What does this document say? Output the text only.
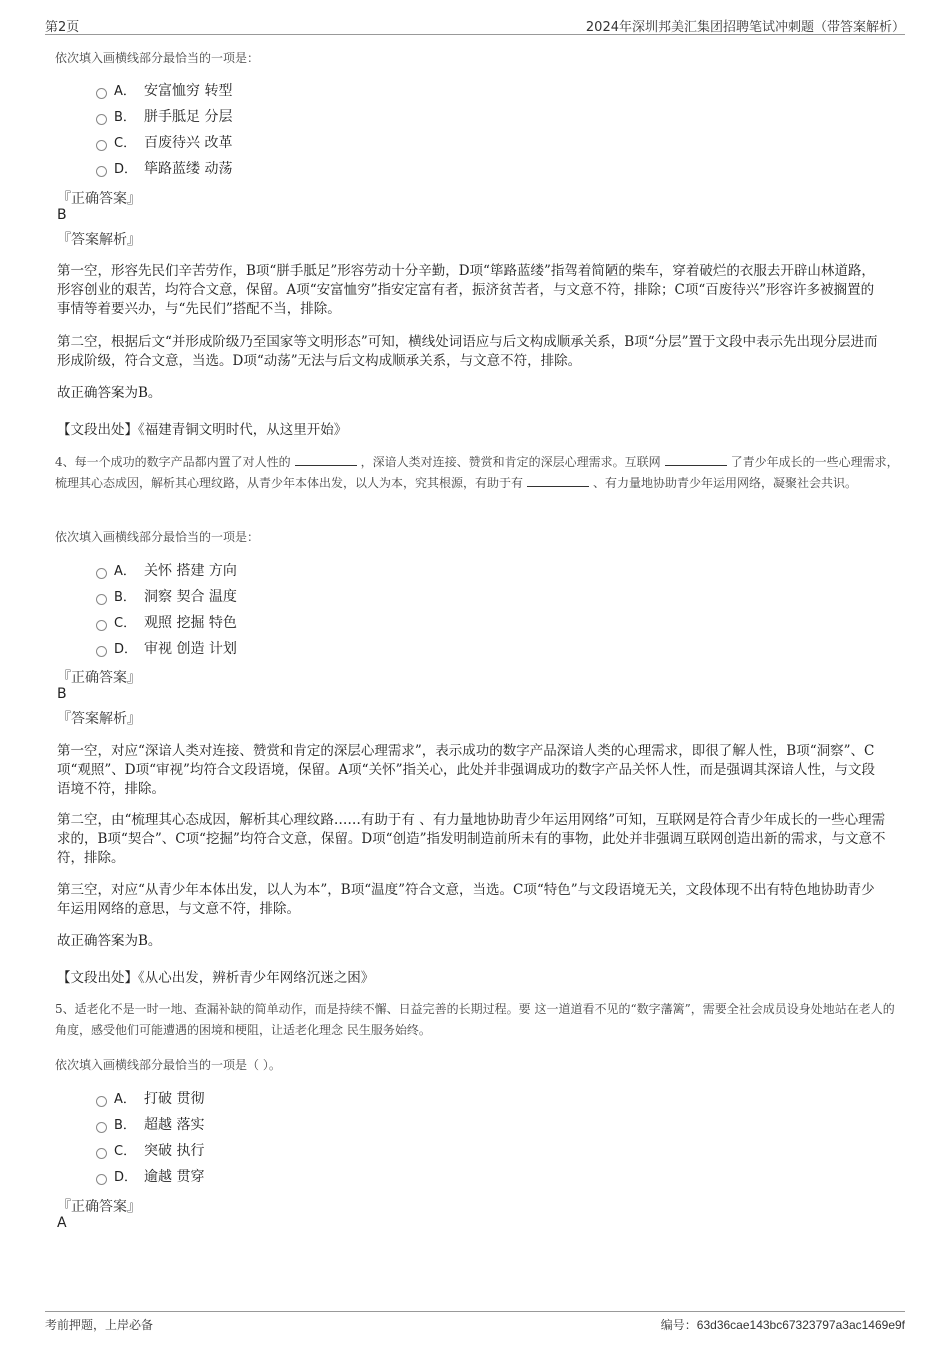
第2页	2024年深圳邦美汇集团招聘笔试冲刺题（带答案解析）
依次填入画横线部分最恰当的一项是：
A． 安富恤穷 转型
B． 胼手胝足 分层
C． 百废待兴 改革
D． 筚路蓝缕 动荡
『正确答案』
B
『答案解析』
第一空，形容先民们辛苦劳作，B项“胼手胝足”形容劳动十分辛勤，D项“筚路蓝缕”指驾着简陋的柴车，穿着破烂的衣服去开辟山林道路，形容创业的艰苦，均符合文意，保留。A项“安富恤穷”指安定富有者，振济贫苦者，与文意不符，排除；C项“百废待兴”形容许多被搁置的事情等着要兴办，与“先民们”搭配不当，排除。
第二空，根据后文“并形成阶级乃至国家等文明形态”可知，横线处词语应与后文构成顺承关系，B项“分层”置于文段中表示先出现分层进而形成阶级，符合文意，当选。D项“动荡”无法与后文构成顺承关系，与文意不符，排除。
故正确答案为B。
【文段出处】《福建青铜文明时代，从这里开始》
4、每一个成功的数字产品都内置了对人性的	，深谙人类对连接、赞赏和肯定的深层心理需求。互联网	了青少年成长的一些心理需求，梳理其心态成因，解析其心理纹路，从青少年本体出发，以人为本，究其根源，有助于有	、有力量地协助青少年运用网络，凝聚社会共识。
依次填入画横线部分最恰当的一项是：
A． 关怀 搭建 方向
B． 洞察 契合 温度
C． 观照 挖掘 特色
D． 审视 创造 计划
『正确答案』
B
『答案解析』
第一空，对应“深谙人类对连接、赞赏和肯定的深层心理需求”，表示成功的数字产品深谙人类的心理需求，即很了解人性，B项“洞察”、C项“观照”、D项“审视”均符合文段语境，保留。A项“关怀”指关心，此处并非强调成功的数字产品关怀人性，而是强调其深谙人性，与文段语境不符，排除。
第二空，由“梳理其心态成因，解析其心理纹路……有助于有 、有力量地协助青少年运用网络”可知，互联网是符合青少年成长的一些心理需求的，B项“契合”、C项“挖掘”均符合文意，保留。D项“创造”指发明制造前所未有的事物，此处并非强调互联网创造出新的需求，与文意不符，排除。
第三空，对应“从青少年本体出发，以人为本”，B项“温度”符合文意，当选。C项“特色”与文段语境无关，文段体现不出有特色地协助青少年运用网络的意思，与文意不符，排除。
故正确答案为B。
【文段出处】《从心出发，辨析青少年网络沉迷之困》
5、适老化不是一时一地、查漏补缺的简单动作，而是持续不懈、日益完善的长期过程。要 这一道道看不见的“数字藩篱”，需要全社会成员设身处地站在老人的角度，感受他们可能遭遇的困境和梗阻，让适老化理念 民生服务始终。
依次填入画横线部分最恰当的一项是（ ）。
A． 打破 贯彻
B． 超越 落实
C． 突破 执行
D． 逾越 贯穿
『正确答案』
A
考前押题，上岸必备	编号：63d36cae143bc67323797a3ac1469e9f
